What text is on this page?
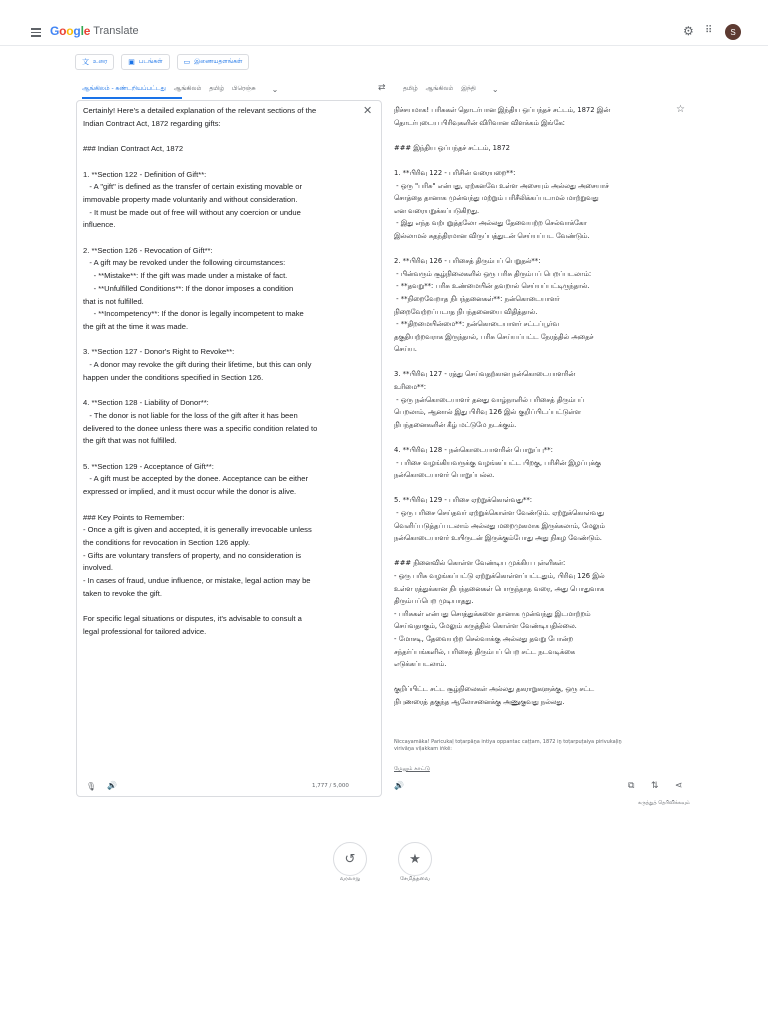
G o o g l e Translate	⚙ ⠿	S
文 உரை	▣ படங்கள்	▭ இணையதளங்கள்
ஆங்கிலம் - கண்டறியப்பட்டது ஆங்கிலம் தமிழ் பிரெஞ்சு ⌄	⇄	தமிழ் ஆங்கிலம் இந்தி ⌄
Certainly! Here's a detailed explanation of the relevant sections of the
Indian Contract Act, 1872 regarding gifts:

### Indian Contract Act, 1872

1. **Section 122 - Definition of Gift**:
- A "gift" is defined as the transfer of certain existing movable or
immovable property made voluntarily and without consideration.
- It must be made out of free will without any coercion or undue
influence.

2. **Section 126 - Revocation of Gift**:
- A gift may be revoked under the following circumstances:
- **Mistake**: If the gift was made under a mistake of fact.
- **Unfulfilled Conditions**: If the donor imposes a condition
that is not fulfilled.
- **Incompetency**: If the donor is legally incompetent to make
the gift at the time it was made.

3. **Section 127 - Donor's Right to Revoke**:
- A donor may revoke the gift during their lifetime, but this can only
happen under the conditions specified in Section 126.

4. **Section 128 - Liability of Donor**:
- The donor is not liable for the loss of the gift after it has been
delivered to the donee unless there was a specific condition related to
the gift that was not fulfilled.

5. **Section 129 - Acceptance of Gift**:
- A gift must be accepted by the donee. Acceptance can be either
expressed or implied, and it must occur while the donor is alive.

### Key Points to Remember:
- Once a gift is given and accepted, it is generally irrevocable unless
the conditions for revocation in Section 126 apply.
- Gifts are voluntary transfers of property, and no consideration is
involved.
- In cases of fraud, undue influence, or mistake, legal action may be
taken to revoke the gift.

For specific legal situations or disputes, it's advisable to consult a
legal professional for tailored advice.
✕
🎙 🔊	1,777 / 5,000
நிச்சயமாக! பரிசுகள் தொடர்பான இந்திய ஒப்பந்தச் சட்டம், 1872 இன்
தொடர்புடைய பிரிவுகளின் விரிவான விளக்கம் இங்கே:

### இந்திய ஒப்பந்தச் சட்டம், 1872

1. **பிரிவு 122 - பரிசின் வரையறை**:
- ஒரு "பரிசு" என்பது, ஏற்கனவே உள்ள அசையும் அல்லது அசையாச்
சொத்தை தானாக முன்வந்து மற்றும் பரிசீலிக்கப்படாமல் மாற்றுவது
என வரையறுக்கப்படுகிறது.
- இது எந்த வற்புறுத்தலோ அல்லது தேவையற்ற செல்வாக்கோ
இல்லாமல் சுதந்திரமான விருப்பத்துடன் செய்யப்பட வேண்டும்.

2. **பிரிவு 126 - பரிசைத் திரும்பப் பெறுதல்**:
- பின்வரும் சூழ்நிலைகளில் ஒரு பரிசு திரும்பப் பெறப்படலாம்:
- **தவறு**: பரிசு உண்மையின் தவறால் செய்யப்பட்டிருந்தால்.
- **நிறைவேறாத நிபந்தனைகள்**: நன்கொடையாளர்
நிறைவேற்றப்படாத நிபந்தனையை விதித்தால்.
- **திறமையின்மை**: நன்கொடையாளர் சட்டப்பூர்வ
தகுதியற்றவராக இருந்தால், பரிசு செய்யப்பட்ட நேரத்தில் அதைச்
செய்ய.

3. **பிரிவு 127 - ரத்து செய்வதற்கான நன்கொடையாளரின்
உரிமை**:
- ஒரு நன்கொடையாளர் தனது வாழ்நாளில் பரிசைத் திரும்பப்
பெறலாம், ஆனால் இது பிரிவு 126 இல் குறிப்பிடப்பட்டுள்ள
நிபந்தனைகளின் கீழ் மட்டுமே நடக்கும்.

4. **பிரிவு 128 - நன்கொடையாளரின் பொறுப்பு**:
- பரிசை வழங்கியவருக்கு வழங்கப்பட்ட பிறகு, பரிசின் இழப்புக்கு
நன்கொடையாளர் பொறுப்பல்ல.

5. **பிரிவு 129 - பரிசை ஏற்றுக்கொள்வது**:
- ஒரு பரிசை செய்தவர் ஏற்றுக்கொள்ள வேண்டும். ஏற்றுக்கொள்வது
வெளிப்படுத்தப்படலாம் அல்லது மறைமுகமாக இருக்கலாம், மேலும்
நன்கொடையாளர் உயிருடன் இருக்கும்போது அது நிகழ வேண்டும்.

### நினைவில் கொள்ள வேண்டிய முக்கிய புள்ளிகள்:
- ஒரு பரிசு வழங்கப்பட்டு ஏற்றுக்கொள்ளப்பட்டதும், பிரிவு 126 இல்
உள்ள ரத்துக்கான நிபந்தனைகள் பொருந்தாத வரை, அது பொதுவாக
திரும்பப்பெற முடியாதது.
- பரிசுகள் என்பது சொத்துக்களை தானாக முன்வந்து இடமாற்றம்
செய்வதாகும், மேலும் கருத்தில் கொள்ள வேண்டியதில்லை.
- மோசடி, தேவையற்ற செல்வாக்கு அல்லது தவறு போன்ற
சந்தர்ப்பங்களில், பரிசைத் திரும்பப் பெற சட்ட நடவடிக்கை
எடுக்கப்படலாம்.

குறிப்பிட்ட சட்ட சூழ்நிலைகள் அல்லது தகராறுகளுக்கு, ஒரு சட்ட
நிபுணரைத் தகுந்த ஆலோசனைக்கு அணுகுவது நல்லது.
☆
Niccayamāka! Paricukaḷ toṭarpāṉa intiya oppantac caṭṭam, 1872 iṉ toṭarpuṭaiya pirivukaḷiṉ
virivāṉa viḷakkam iṅkē:
மேலும் காட்டு
🔊	⧉ ⇅ ⋖
கருத்துத் தெரிவிக்கவும்
↺
வரலாறு
★
சேமித்தவை
